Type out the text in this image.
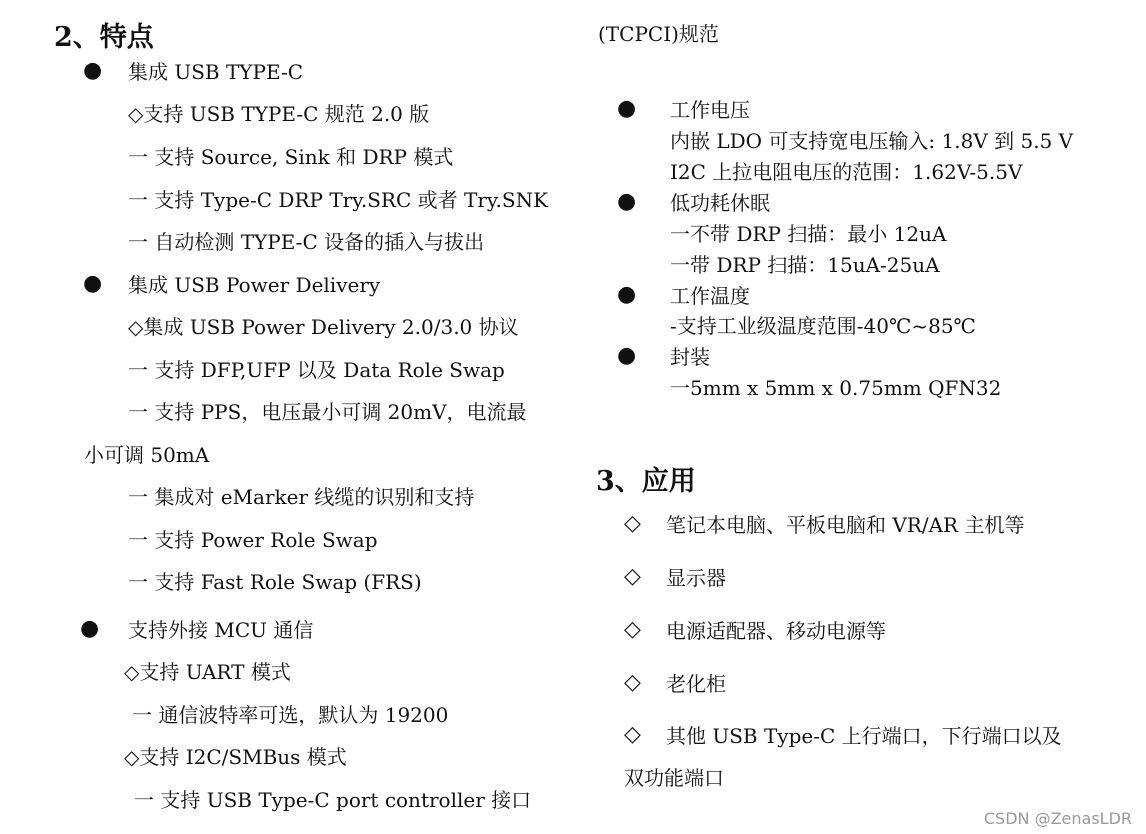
2、特点
● 集成 USB TYPE-C
◇支持 USB TYPE-C 规范 2.0 版
一 支持 Source, Sink 和 DRP 模式
一 支持 Type-C DRP Try.SRC 或者 Try.SNK
一 自动检测 TYPE-C 设备的插入与拔出
● 集成 USB Power Delivery
◇集成 USB Power Delivery 2.0/3.0 协议
一 支持 DFP,UFP 以及 Data Role Swap
一 支持 PPS，电压最小可调 20mV，电流最
小可调 50mA
一 集成对 eMarker 线缆的识别和支持
一 支持 Power Role Swap
一 支持 Fast Role Swap (FRS)
● 支持外接 MCU 通信
◇支持 UART 模式
一 通信波特率可选，默认为 19200
◇支持 I2C/SMBus 模式
一 支持 USB Type-C port controller 接口
(TCPCI)规范
● 工作电压
内嵌 LDO 可支持宽电压输入: 1.8V 到 5.5 V
I2C 上拉电阻电压的范围：1.62V-5.5V
● 低功耗休眠
一不带 DRP 扫描：最小 12uA
一带 DRP 扫描：15uA-25uA
● 工作温度
-支持工业级温度范围-40℃~85℃
● 封装
一5mm x 5mm x 0.75mm QFN32
3、应用
◇ 笔记本电脑、平板电脑和 VR/AR 主机等
◇ 显示器
◇ 电源适配器、移动电源等
◇ 老化柜
◇ 其他 USB Type-C 上行端口，下行端口以及
双功能端口
CSDN @ZenasLDR
